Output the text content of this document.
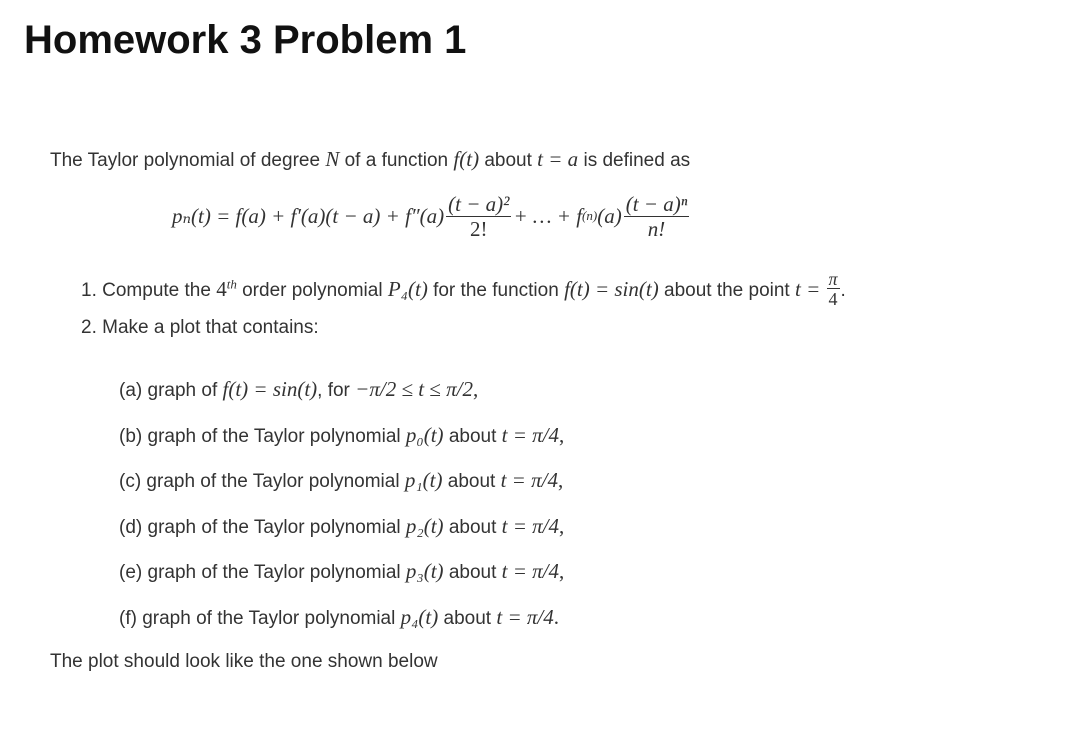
Homework 3 Problem 1
The Taylor polynomial of degree N of a function f(t) about t = a is defined as
$p_n(t) = f(a) + f'(a)(t - a) + f''(a) \frac{\text{(t − a)²}}{2!}$ + … + f (n) $(a) \frac{\text{(t − a)ⁿ}}{n!}$
1. Compute the 4th order polynomial P₄(t) for the function f(t) = sin(t) about the point $t = \frac{\pi}{4}$ .
2. Make a plot that contains:
(a) graph of f(t) = sin(t), for −π/2 ≤ t ≤ π/2,
(b) graph of the Taylor polynomial p₀(t) about t = π/4,
(c) graph of the Taylor polynomial p₁(t) about t = π/4,
(d) graph of the Taylor polynomial p₂(t) about t = π/4,
(e) graph of the Taylor polynomial p₃(t) about t = π/4,
(f) graph of the Taylor polynomial p₄(t) about t = π/4.
The plot should look like the one shown below
